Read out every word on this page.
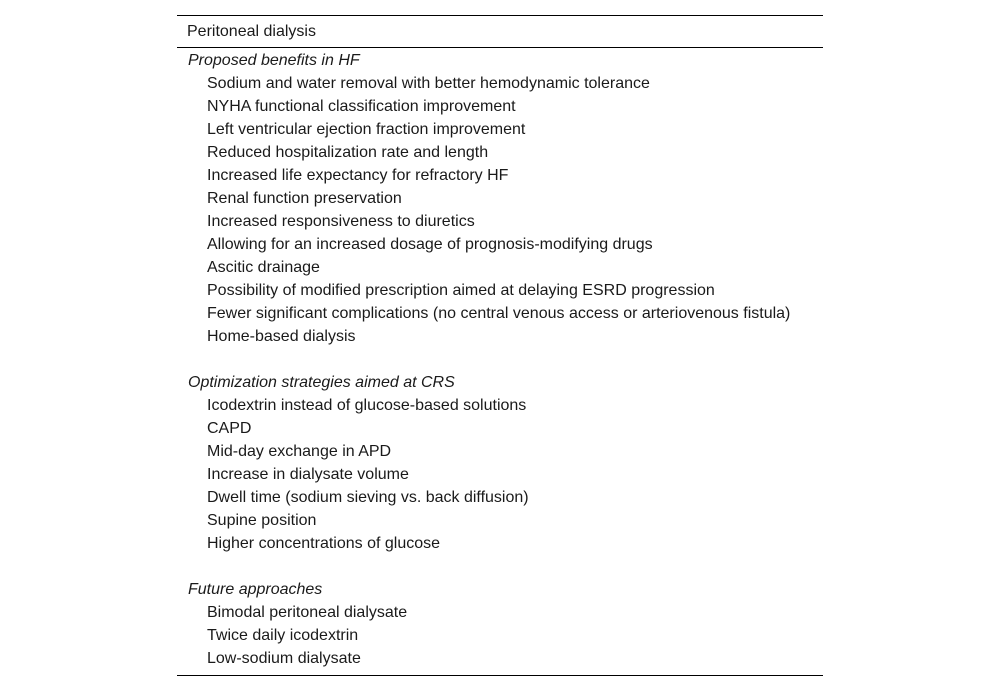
Peritoneal dialysis
Proposed benefits in HF
Sodium and water removal with better hemodynamic tolerance
NYHA functional classification improvement
Left ventricular ejection fraction improvement
Reduced hospitalization rate and length
Increased life expectancy for refractory HF
Renal function preservation
Increased responsiveness to diuretics
Allowing for an increased dosage of prognosis-modifying drugs
Ascitic drainage
Possibility of modified prescription aimed at delaying ESRD progression
Fewer significant complications (no central venous access or arteriovenous fistula)
Home-based dialysis
Optimization strategies aimed at CRS
Icodextrin instead of glucose-based solutions
CAPD
Mid-day exchange in APD
Increase in dialysate volume
Dwell time (sodium sieving vs. back diffusion)
Supine position
Higher concentrations of glucose
Future approaches
Bimodal peritoneal dialysate
Twice daily icodextrin
Low-sodium dialysate
